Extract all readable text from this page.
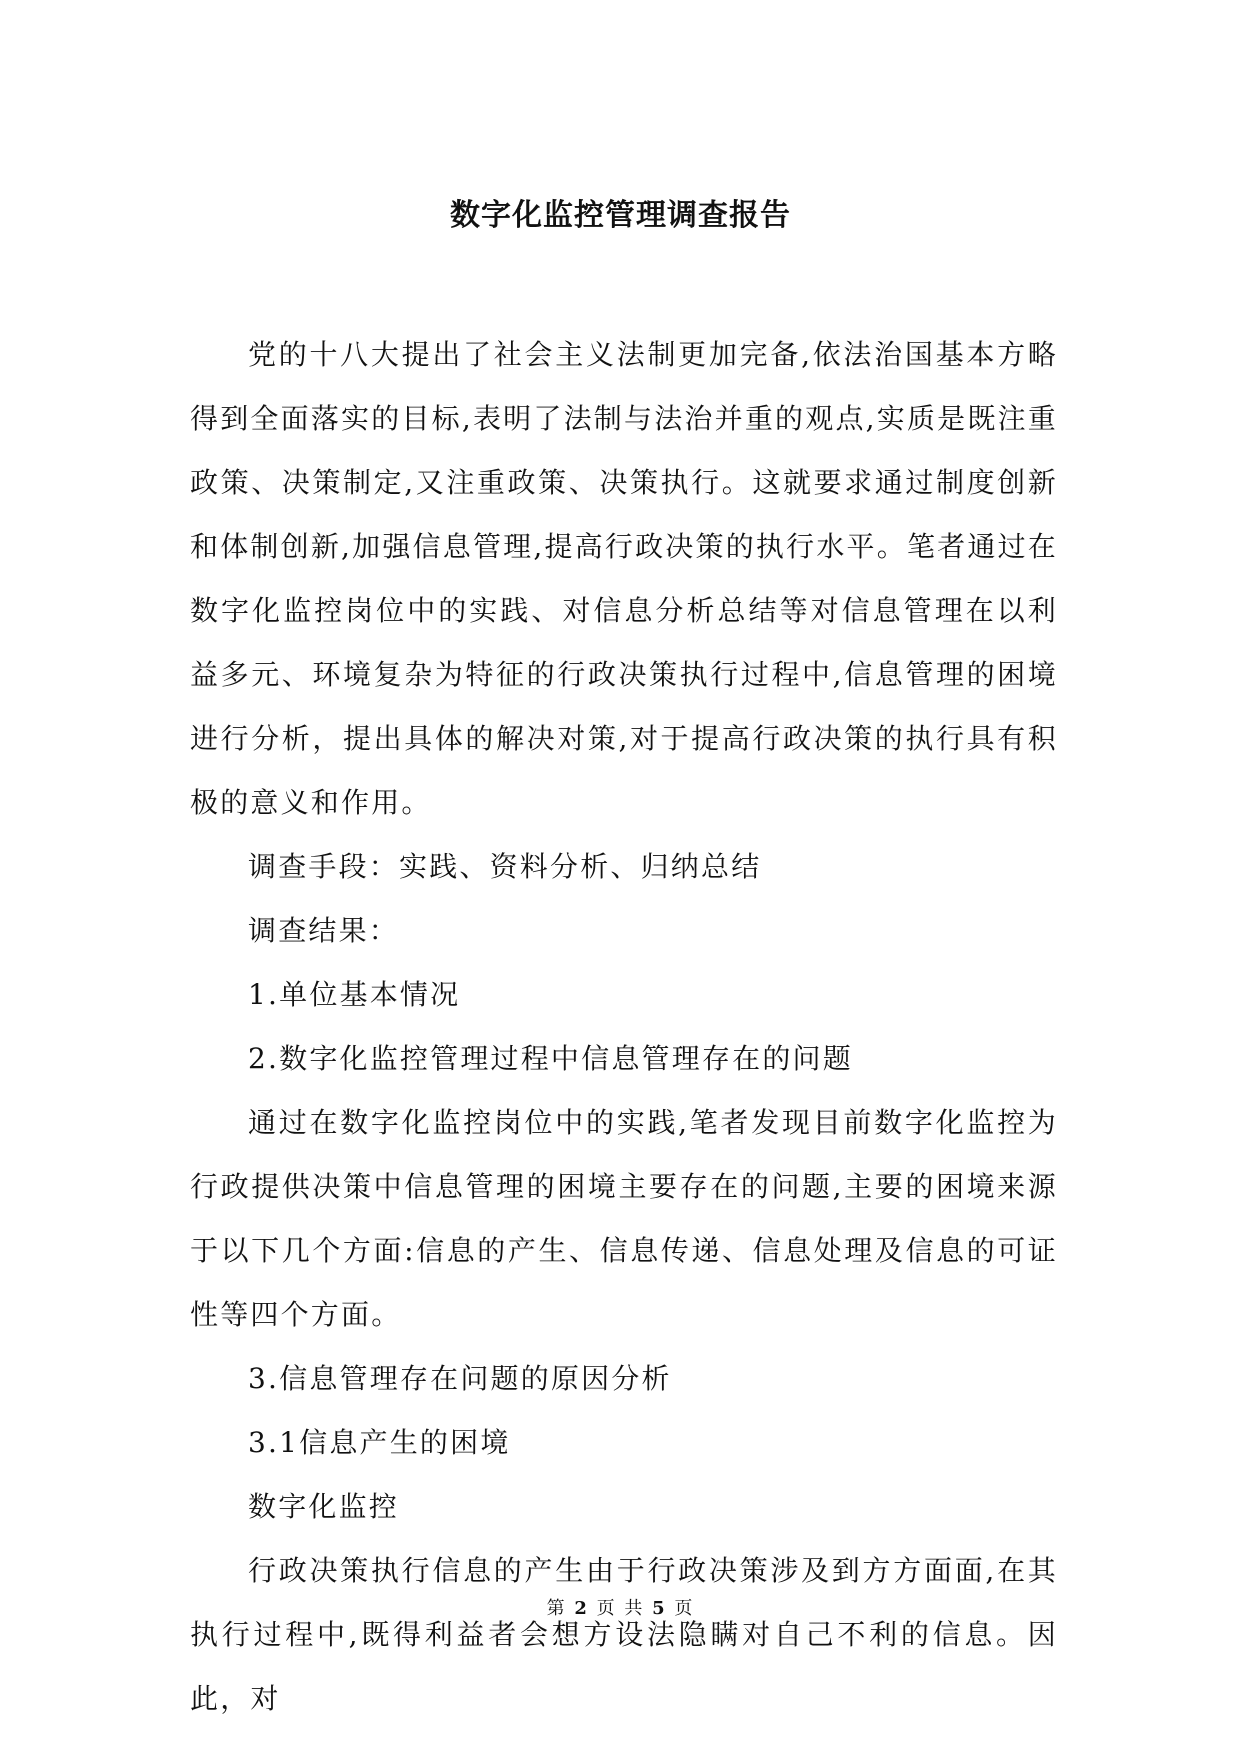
数字化监控管理调查报告

党的十八大提出了社会主义法制更加完备,依法治国基本方略得到全面落实的目标,表明了法制与法治并重的观点,实质是既注重政策、决策制定,又注重政策、决策执行。这就要求通过制度创新和体制创新,加强信息管理,提高行政决策的执行水平。笔者通过在数字化监控岗位中的实践、对信息分析总结等对信息管理在以利益多元、环境复杂为特征的行政决策执行过程中,信息管理的困境进行分析，提出具体的解决对策,对于提高行政决策的执行具有积极的意义和作用。

调查手段：实践、资料分析、归纳总结

调查结果：

1.单位基本情况

2.数字化监控管理过程中信息管理存在的问题

通过在数字化监控岗位中的实践,笔者发现目前数字化监控为行政提供决策中信息管理的困境主要存在的问题,主要的困境来源于以下几个方面:信息的产生、信息传递、信息处理及信息的可证性等四个方面。

3.信息管理存在问题的原因分析

3.1信息产生的困境

数字化监控

行政决策执行信息的产生由于行政决策涉及到方方面面,在其执行过程中,既得利益者会想方设法隐瞒对自己不利的信息。因此，对

第 2 页 共 5 页
